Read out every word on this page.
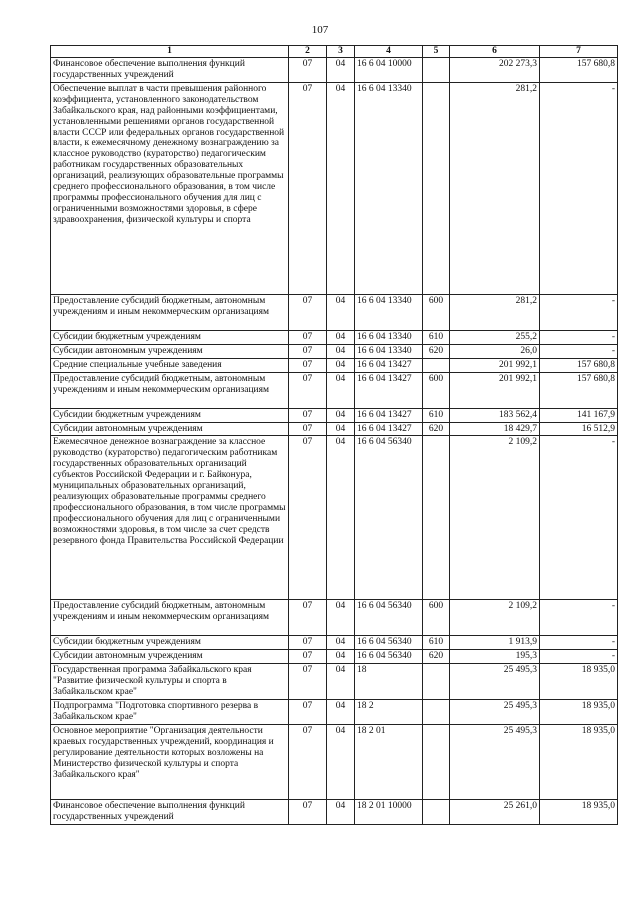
107
1	2	3	4	5	6	7
Финансовое обеспечение выполнения функций государственных учреждений	07	04	16 6 04 10000		202 273,3	157 680,8
Обеспечение выплат в части превышения районного коэффициента, установленного законодательством Забайкальского края, над районными коэффициентами, установленными решениями органов государственной власти СССР или федеральных органов государственной власти, к ежемесячному денежному вознаграждению за классное руководство (кураторство) педагогическим работникам государственных образовательных организаций, реализующих образовательные программы среднего профессионального образования, в том числе программы профессионального обучения для лиц с ограниченными возможностями здоровья, в сфере здравоохранения, физической культуры и спорта	07	04	16 6 04 13340		281,2	-
Предоставление субсидий бюджетным, автономным учреждениям и иным некоммерческим организациям	07	04	16 6 04 13340	600	281,2	-
Субсидии бюджетным учреждениям	07	04	16 6 04 13340	610	255,2	-
Субсидии автономным учреждениям	07	04	16 6 04 13340	620	26,0	-
Средние специальные учебные заведения	07	04	16 6 04 13427		201 992,1	157 680,8
Предоставление субсидий бюджетным, автономным учреждениям и иным некоммерческим организациям	07	04	16 6 04 13427	600	201 992,1	157 680,8
Субсидии бюджетным учреждениям	07	04	16 6 04 13427	610	183 562,4	141 167,9
Субсидии автономным учреждениям	07	04	16 6 04 13427	620	18 429,7	16 512,9
Ежемесячное денежное вознаграждение за классное руководство (кураторство) педагогическим работникам государственных образовательных организаций субъектов Российской Федерации и г. Байконура, муниципальных образовательных организаций, реализующих образовательные программы среднего профессионального образования, в том числе программы профессионального обучения для лиц с ограниченными возможностями здоровья, в том числе за счет средств резервного фонда Правительства Российской Федерации	07	04	16 6 04 56340		2 109,2	-
Предоставление субсидий бюджетным, автономным учреждениям и иным некоммерческим организациям	07	04	16 6 04 56340	600	2 109,2	-
Субсидии бюджетным учреждениям	07	04	16 6 04 56340	610	1 913,9	-
Субсидии автономным учреждениям	07	04	16 6 04 56340	620	195,3	-
Государственная программа Забайкальского края "Развитие физической культуры и спорта в Забайкальском крае"	07	04	18		25 495,3	18 935,0
Подпрограмма "Подготовка спортивного резерва в Забайкальском крае"	07	04	18 2		25 495,3	18 935,0
Основное мероприятие "Организация деятельности краевых государственных учреждений, координация и регулирование деятельности которых возложены на Министерство физической культуры и спорта Забайкальского края"	07	04	18 2 01		25 495,3	18 935,0
Финансовое обеспечение выполнения функций государственных учреждений	07	04	18 2 01 10000		25 261,0	18 935,0
